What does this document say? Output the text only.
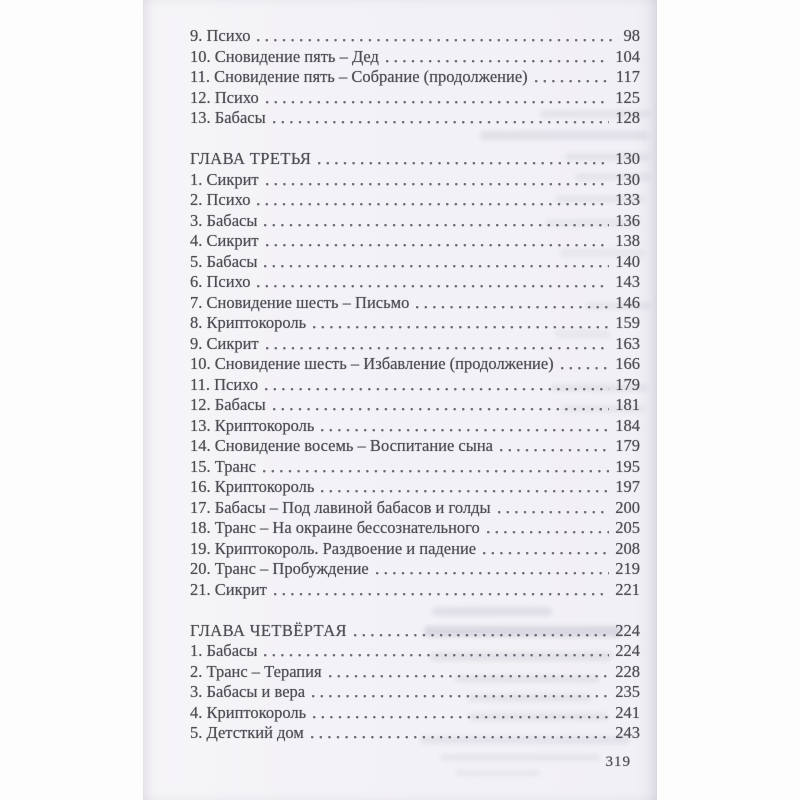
9. Психо	98
10. Сновидение пять – Дед	104
11. Сновидение пять – Собрание (продолжение)	117
12. Психо	125
13. Бабасы	128
ГЛАВА ТРЕТЬЯ	130
1. Сикрит	130
2. Психо	133
3. Бабасы	136
4. Сикрит	138
5. Бабасы	140
6. Психо	143
7. Сновидение шесть – Письмо	146
8. Криптокороль	159
9. Сикрит	163
10. Сновидение шесть – Избавление (продолжение)	166
11. Психо	179
12. Бабасы	181
13. Криптокороль	184
14. Сновидение восемь – Воспитание сына	179
15. Транс	195
16. Криптокороль	197
17. Бабасы – Под лавиной бабасов и голды	200
18. Транс – На окраине бессознательного	205
19. Криптокороль. Раздвоение и падение	208
20. Транс – Пробуждение	219
21. Сикрит	221
ГЛАВА ЧЕТВЁРТАЯ	224
1. Бабасы	224
2. Транс – Терапия	228
3. Бабасы и вера	235
4. Криптокороль	241
5. Детсткий дом	243
319
